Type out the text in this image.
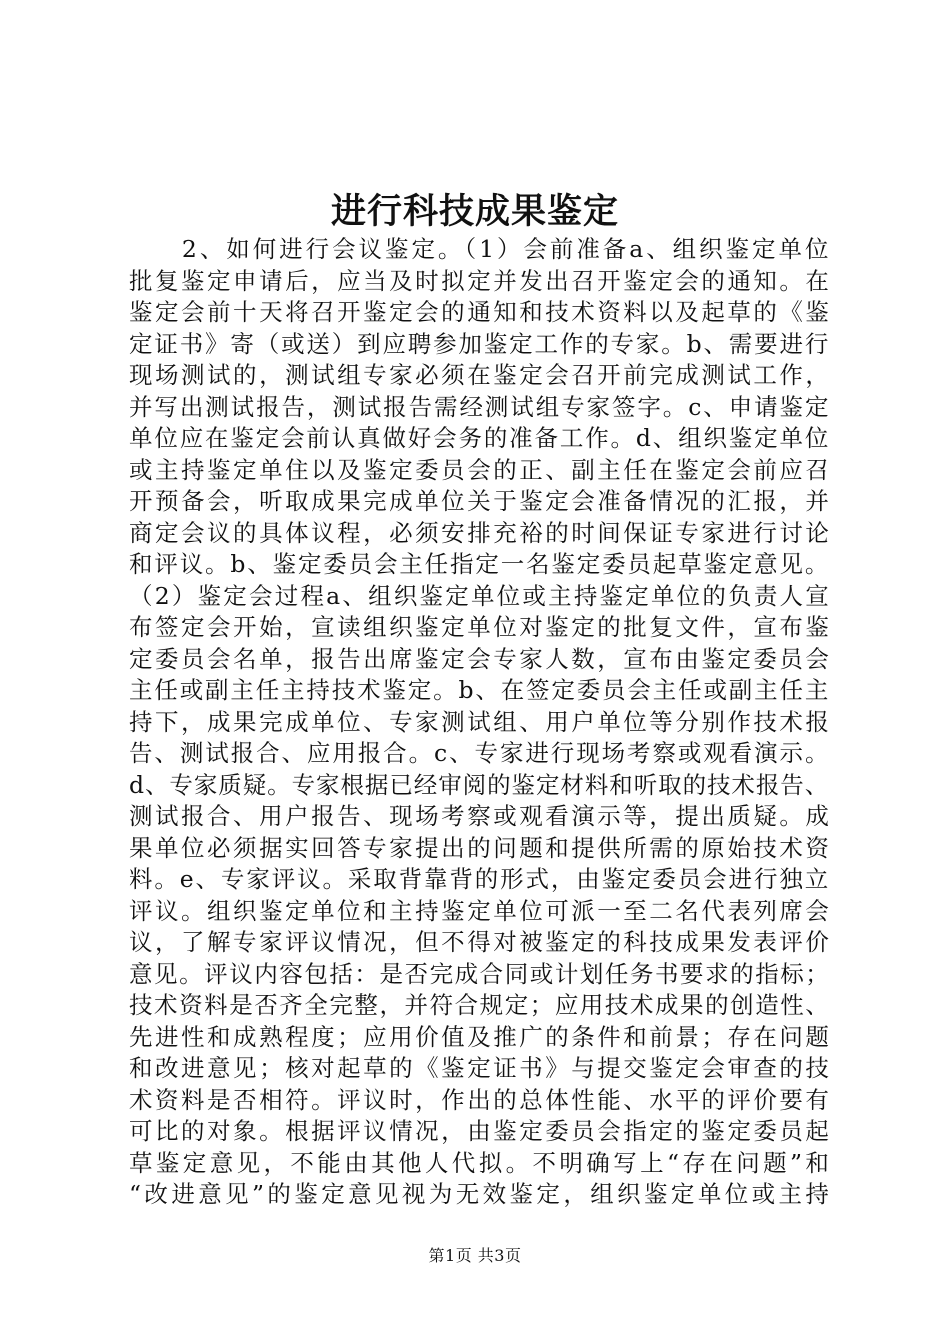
进行科技成果鉴定
　　2、如何进行会议鉴定。（1）会前准备a、组织鉴定单位
批复鉴定申请后，应当及时拟定并发出召开鉴定会的通知。在
鉴定会前十天将召开鉴定会的通知和技术资料以及起草的《鉴
定证书》寄（或送）到应聘参加鉴定工作的专家。b、需要进行
现场测试的，测试组专家必须在鉴定会召开前完成测试工作，
并写出测试报告，测试报告需经测试组专家签字。c、申请鉴定
单位应在鉴定会前认真做好会务的准备工作。d、组织鉴定单位
或主持鉴定单住以及鉴定委员会的正、副主任在鉴定会前应召
开预备会，听取成果完成单位关于鉴定会准备情况的汇报，并
商定会议的具体议程，必须安排充裕的时间保证专家进行讨论
和评议。b、鉴定委员会主任指定一名鉴定委员起草鉴定意见。
（2）鉴定会过程a、组织鉴定单位或主持鉴定单位的负责人宣
布签定会开始，宣读组织鉴定单位对鉴定的批复文件，宣布鉴
定委员会名单，报告出席鉴定会专家人数，宣布由鉴定委员会
主任或副主任主持技术鉴定。b、在签定委员会主任或副主任主
持下，成果完成单位、专家测试组、用户单位等分别作技术报
告、测试报合、应用报合。c、专家进行现场考察或观看演示。
d、专家质疑。专家根据已经审阅的鉴定材料和听取的技术报告、
测试报合、用户报告、现场考察或观看演示等，提出质疑。成
果单位必须据实回答专家提出的问题和提供所需的原始技术资
料。e、专家评议。采取背靠背的形式，由鉴定委员会进行独立
评议。组织鉴定单位和主持鉴定单位可派一至二名代表列席会
议，了解专家评议情况，但不得对被鉴定的科技成果发表评价
意见。评议内容包括：是否完成合同或计划任务书要求的指标；
技术资料是否齐全完整，并符合规定；应用技术成果的创造性、
先进性和成熟程度；应用价值及推广的条件和前景；存在问题
和改进意见；核对起草的《鉴定证书》与提交鉴定会审查的技
术资料是否相符。评议时，作出的总体性能、水平的评价要有
可比的对象。根据评议情况，由鉴定委员会指定的鉴定委员起
草鉴定意见，不能由其他人代拟。不明确写上“存在问题”和
“改进意见”的鉴定意见视为无效鉴定，组织鉴定单位或主持
第1页 共3页
